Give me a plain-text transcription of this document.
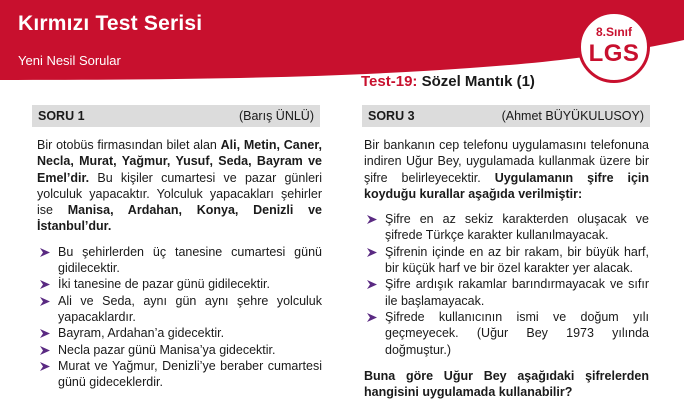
Kırmızı Test Serisi
Yeni Nesil Sorular
8.Sınıf
LGS
Test-19: Sözel Mantık (1)
SORU 1	(Barış ÜNLÜ)

Bir otobüs firmasından bilet alan Ali, Metin, Caner, Necla, Murat, Yağmur, Yusuf, Seda, Bayram ve Emel’dir. Bu kişiler cumartesi ve pazar günleri yolculuk yapacaktır. Yolculuk yapacakları şehirler ise Manisa, Ardahan, Konya, Denizli ve İstanbul’dur.

Bu şehirlerden üç tanesine cumartesi günü gidilecektir.
İki tanesine de pazar günü gidilecektir.
Ali ve Seda, aynı gün aynı şehre yolculuk yapacaklardır.
Bayram, Ardahan’a gidecektir.
Necla pazar günü Manisa’ya gidecektir.
Murat ve Yağmur, Denizli’ye beraber cumartesi günü gideceklerdir.
SORU 3	(Ahmet BÜYÜKULUSOY)

Bir bankanın cep telefonu uygulamasını telefonuna indiren Uğur Bey, uygulamada kullanmak üzere bir şifre belirleyecektir. Uygulamanın şifre için koyduğu kurallar aşağıda verilmiştir:

Şifre en az sekiz karakterden oluşacak ve şifrede Türkçe karakter kullanılmayacak.
Şifrenin içinde en az bir rakam, bir büyük harf, bir küçük harf ve bir özel karakter yer alacak.
Şifre ardışık rakamlar barındırmayacak ve sıfır ile başlamayacak.
Şifrede kullanıcının ismi ve doğum yılı geçmeyecek. (Uğur Bey 1973 yılında doğmuştur.)

Buna göre Uğur Bey aşağıdaki şifrelerden hangisini uygulamada kullanabilir?
